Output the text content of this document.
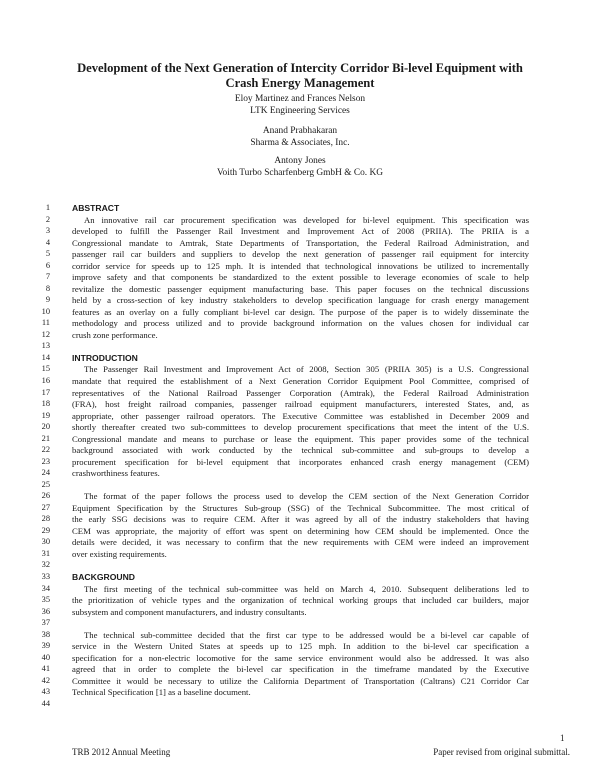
Development of the Next Generation of Intercity Corridor Bi-level Equipment with
Crash Energy Management
Eloy Martinez and Frances Nelson
LTK Engineering Services
Anand Prabhakaran
Sharma & Associates, Inc.
Antony Jones
Voith Turbo Scharfenberg GmbH & Co. KG
1	ABSTRACT
2	An innovative rail car procurement specification was developed for bi-level equipment. This specification was
3	developed to fulfill the Passenger Rail Investment and Improvement Act of 2008 (PRIIA). The PRIIA is a
4	Congressional mandate to Amtrak, State Departments of Transportation, the Federal Railroad Administration, and
5	passenger rail car builders and suppliers to develop the next generation of passenger rail equipment for intercity
6	corridor service for speeds up to 125 mph. It is intended that technological innovations be utilized to incrementally
7	improve safety and that components be standardized to the extent possible to leverage economies of scale to help
8	revitalize the domestic passenger equipment manufacturing base. This paper focuses on the technical discussions
9	held by a cross-section of key industry stakeholders to develop specification language for crash energy management
10	features as an overlay on a fully compliant bi-level car design. The purpose of the paper is to widely disseminate the
11	methodology and process utilized and to provide background information on the values chosen for individual car
12	crush zone performance.
13
14	INTRODUCTION
15	The Passenger Rail Investment and Improvement Act of 2008, Section 305 (PRIIA 305) is a U.S. Congressional
16	mandate that required the establishment of a Next Generation Corridor Equipment Pool Committee, comprised of
17	representatives of the National Railroad Passenger Corporation (Amtrak), the Federal Railroad Administration
18	(FRA), host freight railroad companies, passenger railroad equipment manufacturers, interested States, and, as
19	appropriate, other passenger railroad operators. The Executive Committee was established in December 2009 and
20	shortly thereafter created two sub-committees to develop procurement specifications that meet the intent of the U.S.
21	Congressional mandate and means to purchase or lease the equipment. This paper provides some of the technical
22	background associated with work conducted by the technical sub-committee and sub-groups to develop a
23	procurement specification for bi-level equipment that incorporates enhanced crash energy management (CEM)
24	crashworthiness features.
25
26	The format of the paper follows the process used to develop the CEM section of the Next Generation Corridor
27	Equipment Specification by the Structures Sub-group (SSG) of the Technical Subcommittee. The most critical of
28	the early SSG decisions was to require CEM. After it was agreed by all of the industry stakeholders that having
29	CEM was appropriate, the majority of effort was spent on determining how CEM should be implemented. Once the
30	details were decided, it was necessary to confirm that the new requirements with CEM were indeed an improvement
31	over existing requirements.
32
33	BACKGROUND
34	The first meeting of the technical sub-committee was held on March 4, 2010. Subsequent deliberations led to
35	the prioritization of vehicle types and the organization of technical working groups that included car builders, major
36	subsystem and component manufacturers, and industry consultants.
37
38	The technical sub-committee decided that the first car type to be addressed would be a bi-level car capable of
39	service in the Western United States at speeds up to 125 mph. In addition to the bi-level car specification a
40	specification for a non-electric locomotive for the same service environment would also be addressed. It was also
41	agreed that in order to complete the bi-level car specification in the timeframe mandated by the Executive
42	Committee it would be necessary to utilize the California Department of Transportation (Caltrans) C21 Corridor Car
43	Technical Specification [1] as a baseline document.
44
1
TRB 2012 Annual Meeting	Paper revised from original submittal.
